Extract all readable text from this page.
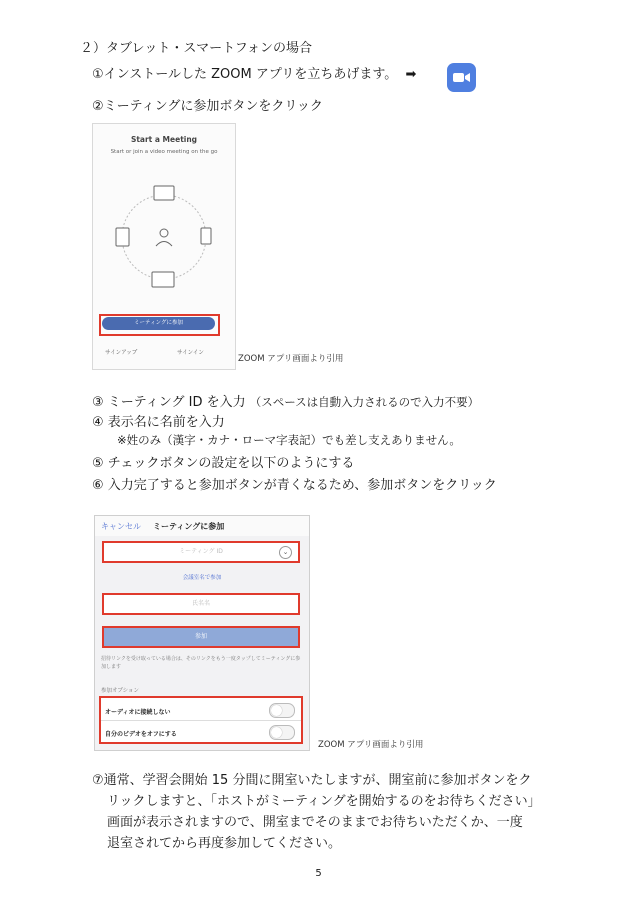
２）タブレット・スマートフォンの場合
①インストールした ZOOM アプリを立ちあげます。 ➡
②ミーティングに参加ボタンをクリック
Start a Meeting
Start or join a video meeting on the go
ミーティングに参加
サインアップ	サインイン
ZOOM アプリ画面より引用
③ ミーティング ID を入力 （スペースは自動入力されるので入力不要）
④ 表示名に名前を入力
※姓のみ（漢字・カナ・ローマ字表記）でも差し支えありません。
⑤ チェックボタンの設定を以下のようにする
⑥ 入力完了すると参加ボタンが青くなるため、参加ボタンをクリック
キャンセル ミーティングに参加
ミーティング ID	⌄
会議室名で参加
氏名名
参加
招待リンクを受け取っている場合は、そのリンクをもう一度タップしてミーティングに参加します
参加オプション
オーディオに接続しない
自分のビデオをオフにする
ZOOM アプリ画面より引用
⑦通常、学習会開始 15 分間に開室いたしますが、開室前に参加ボタンをク
リックしますと、「ホストがミーティングを開始するのをお待ちください」
画面が表示されますので、開室までそのままでお待ちいただくか、一度
退室されてから再度参加してください。
5
